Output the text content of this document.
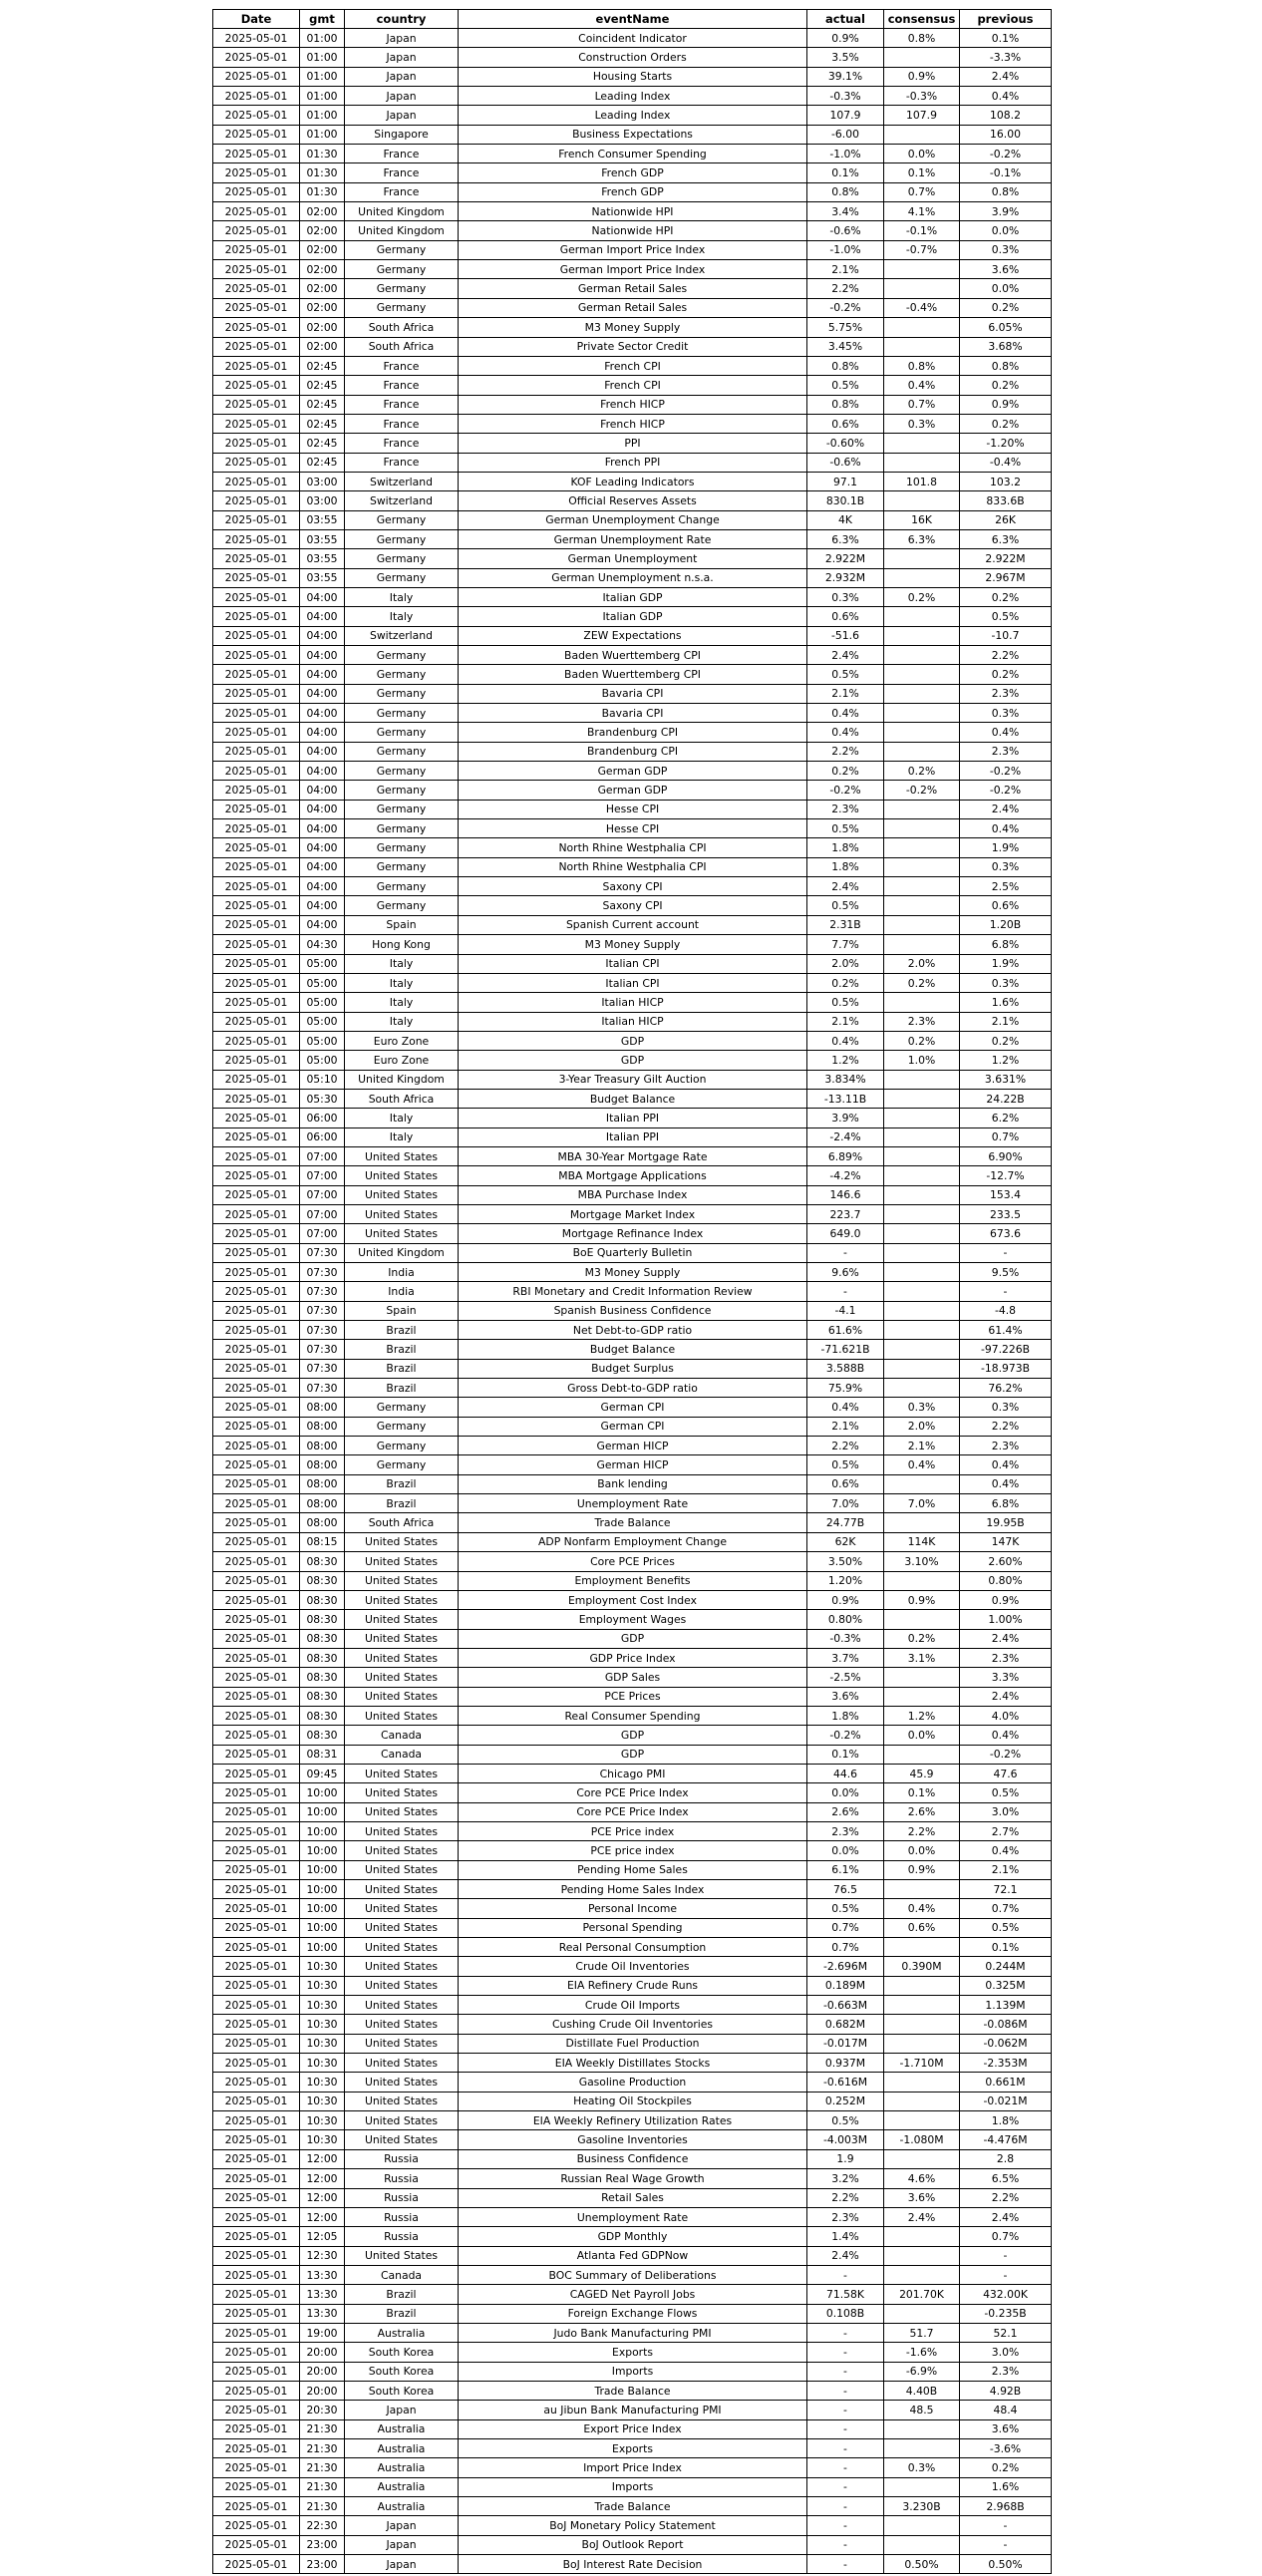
Date	gmt	country	eventName	actual	consensus	previous
2025-05-01	01:00	Japan	Coincident Indicator	0.9%	0.8%	0.1%
2025-05-01	01:00	Japan	Construction Orders	3.5%		-3.3%
2025-05-01	01:00	Japan	Housing Starts	39.1%	0.9%	2.4%
2025-05-01	01:00	Japan	Leading Index	-0.3%	-0.3%	0.4%
2025-05-01	01:00	Japan	Leading Index	107.9	107.9	108.2
2025-05-01	01:00	Singapore	Business Expectations	-6.00		16.00
2025-05-01	01:30	France	French Consumer Spending	-1.0%	0.0%	-0.2%
2025-05-01	01:30	France	French GDP	0.1%	0.1%	-0.1%
2025-05-01	01:30	France	French GDP	0.8%	0.7%	0.8%
2025-05-01	02:00	United Kingdom	Nationwide HPI	3.4%	4.1%	3.9%
2025-05-01	02:00	United Kingdom	Nationwide HPI	-0.6%	-0.1%	0.0%
2025-05-01	02:00	Germany	German Import Price Index	-1.0%	-0.7%	0.3%
2025-05-01	02:00	Germany	German Import Price Index	2.1%		3.6%
2025-05-01	02:00	Germany	German Retail Sales	2.2%		0.0%
2025-05-01	02:00	Germany	German Retail Sales	-0.2%	-0.4%	0.2%
2025-05-01	02:00	South Africa	M3 Money Supply	5.75%		6.05%
2025-05-01	02:00	South Africa	Private Sector Credit	3.45%		3.68%
2025-05-01	02:45	France	French CPI	0.8%	0.8%	0.8%
2025-05-01	02:45	France	French CPI	0.5%	0.4%	0.2%
2025-05-01	02:45	France	French HICP	0.8%	0.7%	0.9%
2025-05-01	02:45	France	French HICP	0.6%	0.3%	0.2%
2025-05-01	02:45	France	PPI	-0.60%		-1.20%
2025-05-01	02:45	France	French PPI	-0.6%		-0.4%
2025-05-01	03:00	Switzerland	KOF Leading Indicators	97.1	101.8	103.2
2025-05-01	03:00	Switzerland	Official Reserves Assets	830.1B		833.6B
2025-05-01	03:55	Germany	German Unemployment Change	4K	16K	26K
2025-05-01	03:55	Germany	German Unemployment Rate	6.3%	6.3%	6.3%
2025-05-01	03:55	Germany	German Unemployment	2.922M		2.922M
2025-05-01	03:55	Germany	German Unemployment n.s.a.	2.932M		2.967M
2025-05-01	04:00	Italy	Italian GDP	0.3%	0.2%	0.2%
2025-05-01	04:00	Italy	Italian GDP	0.6%		0.5%
2025-05-01	04:00	Switzerland	ZEW Expectations	-51.6		-10.7
2025-05-01	04:00	Germany	Baden Wuerttemberg CPI	2.4%		2.2%
2025-05-01	04:00	Germany	Baden Wuerttemberg CPI	0.5%		0.2%
2025-05-01	04:00	Germany	Bavaria CPI	2.1%		2.3%
2025-05-01	04:00	Germany	Bavaria CPI	0.4%		0.3%
2025-05-01	04:00	Germany	Brandenburg CPI	0.4%		0.4%
2025-05-01	04:00	Germany	Brandenburg CPI	2.2%		2.3%
2025-05-01	04:00	Germany	German GDP	0.2%	0.2%	-0.2%
2025-05-01	04:00	Germany	German GDP	-0.2%	-0.2%	-0.2%
2025-05-01	04:00	Germany	Hesse CPI	2.3%		2.4%
2025-05-01	04:00	Germany	Hesse CPI	0.5%		0.4%
2025-05-01	04:00	Germany	North Rhine Westphalia CPI	1.8%		1.9%
2025-05-01	04:00	Germany	North Rhine Westphalia CPI	1.8%		0.3%
2025-05-01	04:00	Germany	Saxony CPI	2.4%		2.5%
2025-05-01	04:00	Germany	Saxony CPI	0.5%		0.6%
2025-05-01	04:00	Spain	Spanish Current account	2.31B		1.20B
2025-05-01	04:30	Hong Kong	M3 Money Supply	7.7%		6.8%
2025-05-01	05:00	Italy	Italian CPI	2.0%	2.0%	1.9%
2025-05-01	05:00	Italy	Italian CPI	0.2%	0.2%	0.3%
2025-05-01	05:00	Italy	Italian HICP	0.5%		1.6%
2025-05-01	05:00	Italy	Italian HICP	2.1%	2.3%	2.1%
2025-05-01	05:00	Euro Zone	GDP	0.4%	0.2%	0.2%
2025-05-01	05:00	Euro Zone	GDP	1.2%	1.0%	1.2%
2025-05-01	05:10	United Kingdom	3-Year Treasury Gilt Auction	3.834%		3.631%
2025-05-01	05:30	South Africa	Budget Balance	-13.11B		24.22B
2025-05-01	06:00	Italy	Italian PPI	3.9%		6.2%
2025-05-01	06:00	Italy	Italian PPI	-2.4%		0.7%
2025-05-01	07:00	United States	MBA 30-Year Mortgage Rate	6.89%		6.90%
2025-05-01	07:00	United States	MBA Mortgage Applications	-4.2%		-12.7%
2025-05-01	07:00	United States	MBA Purchase Index	146.6		153.4
2025-05-01	07:00	United States	Mortgage Market Index	223.7		233.5
2025-05-01	07:00	United States	Mortgage Refinance Index	649.0		673.6
2025-05-01	07:30	United Kingdom	BoE Quarterly Bulletin	-		-
2025-05-01	07:30	India	M3 Money Supply	9.6%		9.5%
2025-05-01	07:30	India	RBI Monetary and Credit Information Review	-		-
2025-05-01	07:30	Spain	Spanish Business Confidence	-4.1		-4.8
2025-05-01	07:30	Brazil	Net Debt-to-GDP ratio	61.6%		61.4%
2025-05-01	07:30	Brazil	Budget Balance	-71.621B		-97.226B
2025-05-01	07:30	Brazil	Budget Surplus	3.588B		-18.973B
2025-05-01	07:30	Brazil	Gross Debt-to-GDP ratio	75.9%		76.2%
2025-05-01	08:00	Germany	German CPI	0.4%	0.3%	0.3%
2025-05-01	08:00	Germany	German CPI	2.1%	2.0%	2.2%
2025-05-01	08:00	Germany	German HICP	2.2%	2.1%	2.3%
2025-05-01	08:00	Germany	German HICP	0.5%	0.4%	0.4%
2025-05-01	08:00	Brazil	Bank lending	0.6%		0.4%
2025-05-01	08:00	Brazil	Unemployment Rate	7.0%	7.0%	6.8%
2025-05-01	08:00	South Africa	Trade Balance	24.77B		19.95B
2025-05-01	08:15	United States	ADP Nonfarm Employment Change	62K	114K	147K
2025-05-01	08:30	United States	Core PCE Prices	3.50%	3.10%	2.60%
2025-05-01	08:30	United States	Employment Benefits	1.20%		0.80%
2025-05-01	08:30	United States	Employment Cost Index	0.9%	0.9%	0.9%
2025-05-01	08:30	United States	Employment Wages	0.80%		1.00%
2025-05-01	08:30	United States	GDP	-0.3%	0.2%	2.4%
2025-05-01	08:30	United States	GDP Price Index	3.7%	3.1%	2.3%
2025-05-01	08:30	United States	GDP Sales	-2.5%		3.3%
2025-05-01	08:30	United States	PCE Prices	3.6%		2.4%
2025-05-01	08:30	United States	Real Consumer Spending	1.8%	1.2%	4.0%
2025-05-01	08:30	Canada	GDP	-0.2%	0.0%	0.4%
2025-05-01	08:31	Canada	GDP	0.1%		-0.2%
2025-05-01	09:45	United States	Chicago PMI	44.6	45.9	47.6
2025-05-01	10:00	United States	Core PCE Price Index	0.0%	0.1%	0.5%
2025-05-01	10:00	United States	Core PCE Price Index	2.6%	2.6%	3.0%
2025-05-01	10:00	United States	PCE Price index	2.3%	2.2%	2.7%
2025-05-01	10:00	United States	PCE price index	0.0%	0.0%	0.4%
2025-05-01	10:00	United States	Pending Home Sales	6.1%	0.9%	2.1%
2025-05-01	10:00	United States	Pending Home Sales Index	76.5		72.1
2025-05-01	10:00	United States	Personal Income	0.5%	0.4%	0.7%
2025-05-01	10:00	United States	Personal Spending	0.7%	0.6%	0.5%
2025-05-01	10:00	United States	Real Personal Consumption	0.7%		0.1%
2025-05-01	10:30	United States	Crude Oil Inventories	-2.696M	0.390M	0.244M
2025-05-01	10:30	United States	EIA Refinery Crude Runs	0.189M		0.325M
2025-05-01	10:30	United States	Crude Oil Imports	-0.663M		1.139M
2025-05-01	10:30	United States	Cushing Crude Oil Inventories	0.682M		-0.086M
2025-05-01	10:30	United States	Distillate Fuel Production	-0.017M		-0.062M
2025-05-01	10:30	United States	EIA Weekly Distillates Stocks	0.937M	-1.710M	-2.353M
2025-05-01	10:30	United States	Gasoline Production	-0.616M		0.661M
2025-05-01	10:30	United States	Heating Oil Stockpiles	0.252M		-0.021M
2025-05-01	10:30	United States	EIA Weekly Refinery Utilization Rates	0.5%		1.8%
2025-05-01	10:30	United States	Gasoline Inventories	-4.003M	-1.080M	-4.476M
2025-05-01	12:00	Russia	Business Confidence	1.9		2.8
2025-05-01	12:00	Russia	Russian Real Wage Growth	3.2%	4.6%	6.5%
2025-05-01	12:00	Russia	Retail Sales	2.2%	3.6%	2.2%
2025-05-01	12:00	Russia	Unemployment Rate	2.3%	2.4%	2.4%
2025-05-01	12:05	Russia	GDP Monthly	1.4%		0.7%
2025-05-01	12:30	United States	Atlanta Fed GDPNow	2.4%		-
2025-05-01	13:30	Canada	BOC Summary of Deliberations	-		-
2025-05-01	13:30	Brazil	CAGED Net Payroll Jobs	71.58K	201.70K	432.00K
2025-05-01	13:30	Brazil	Foreign Exchange Flows	0.108B		-0.235B
2025-05-01	19:00	Australia	Judo Bank Manufacturing PMI	-	51.7	52.1
2025-05-01	20:00	South Korea	Exports	-	-1.6%	3.0%
2025-05-01	20:00	South Korea	Imports	-	-6.9%	2.3%
2025-05-01	20:00	South Korea	Trade Balance	-	4.40B	4.92B
2025-05-01	20:30	Japan	au Jibun Bank Manufacturing PMI	-	48.5	48.4
2025-05-01	21:30	Australia	Export Price Index	-		3.6%
2025-05-01	21:30	Australia	Exports	-		-3.6%
2025-05-01	21:30	Australia	Import Price Index	-	0.3%	0.2%
2025-05-01	21:30	Australia	Imports	-		1.6%
2025-05-01	21:30	Australia	Trade Balance	-	3.230B	2.968B
2025-05-01	22:30	Japan	BoJ Monetary Policy Statement	-		-
2025-05-01	23:00	Japan	BoJ Outlook Report	-		-
2025-05-01	23:00	Japan	BoJ Interest Rate Decision	-	0.50%	0.50%
